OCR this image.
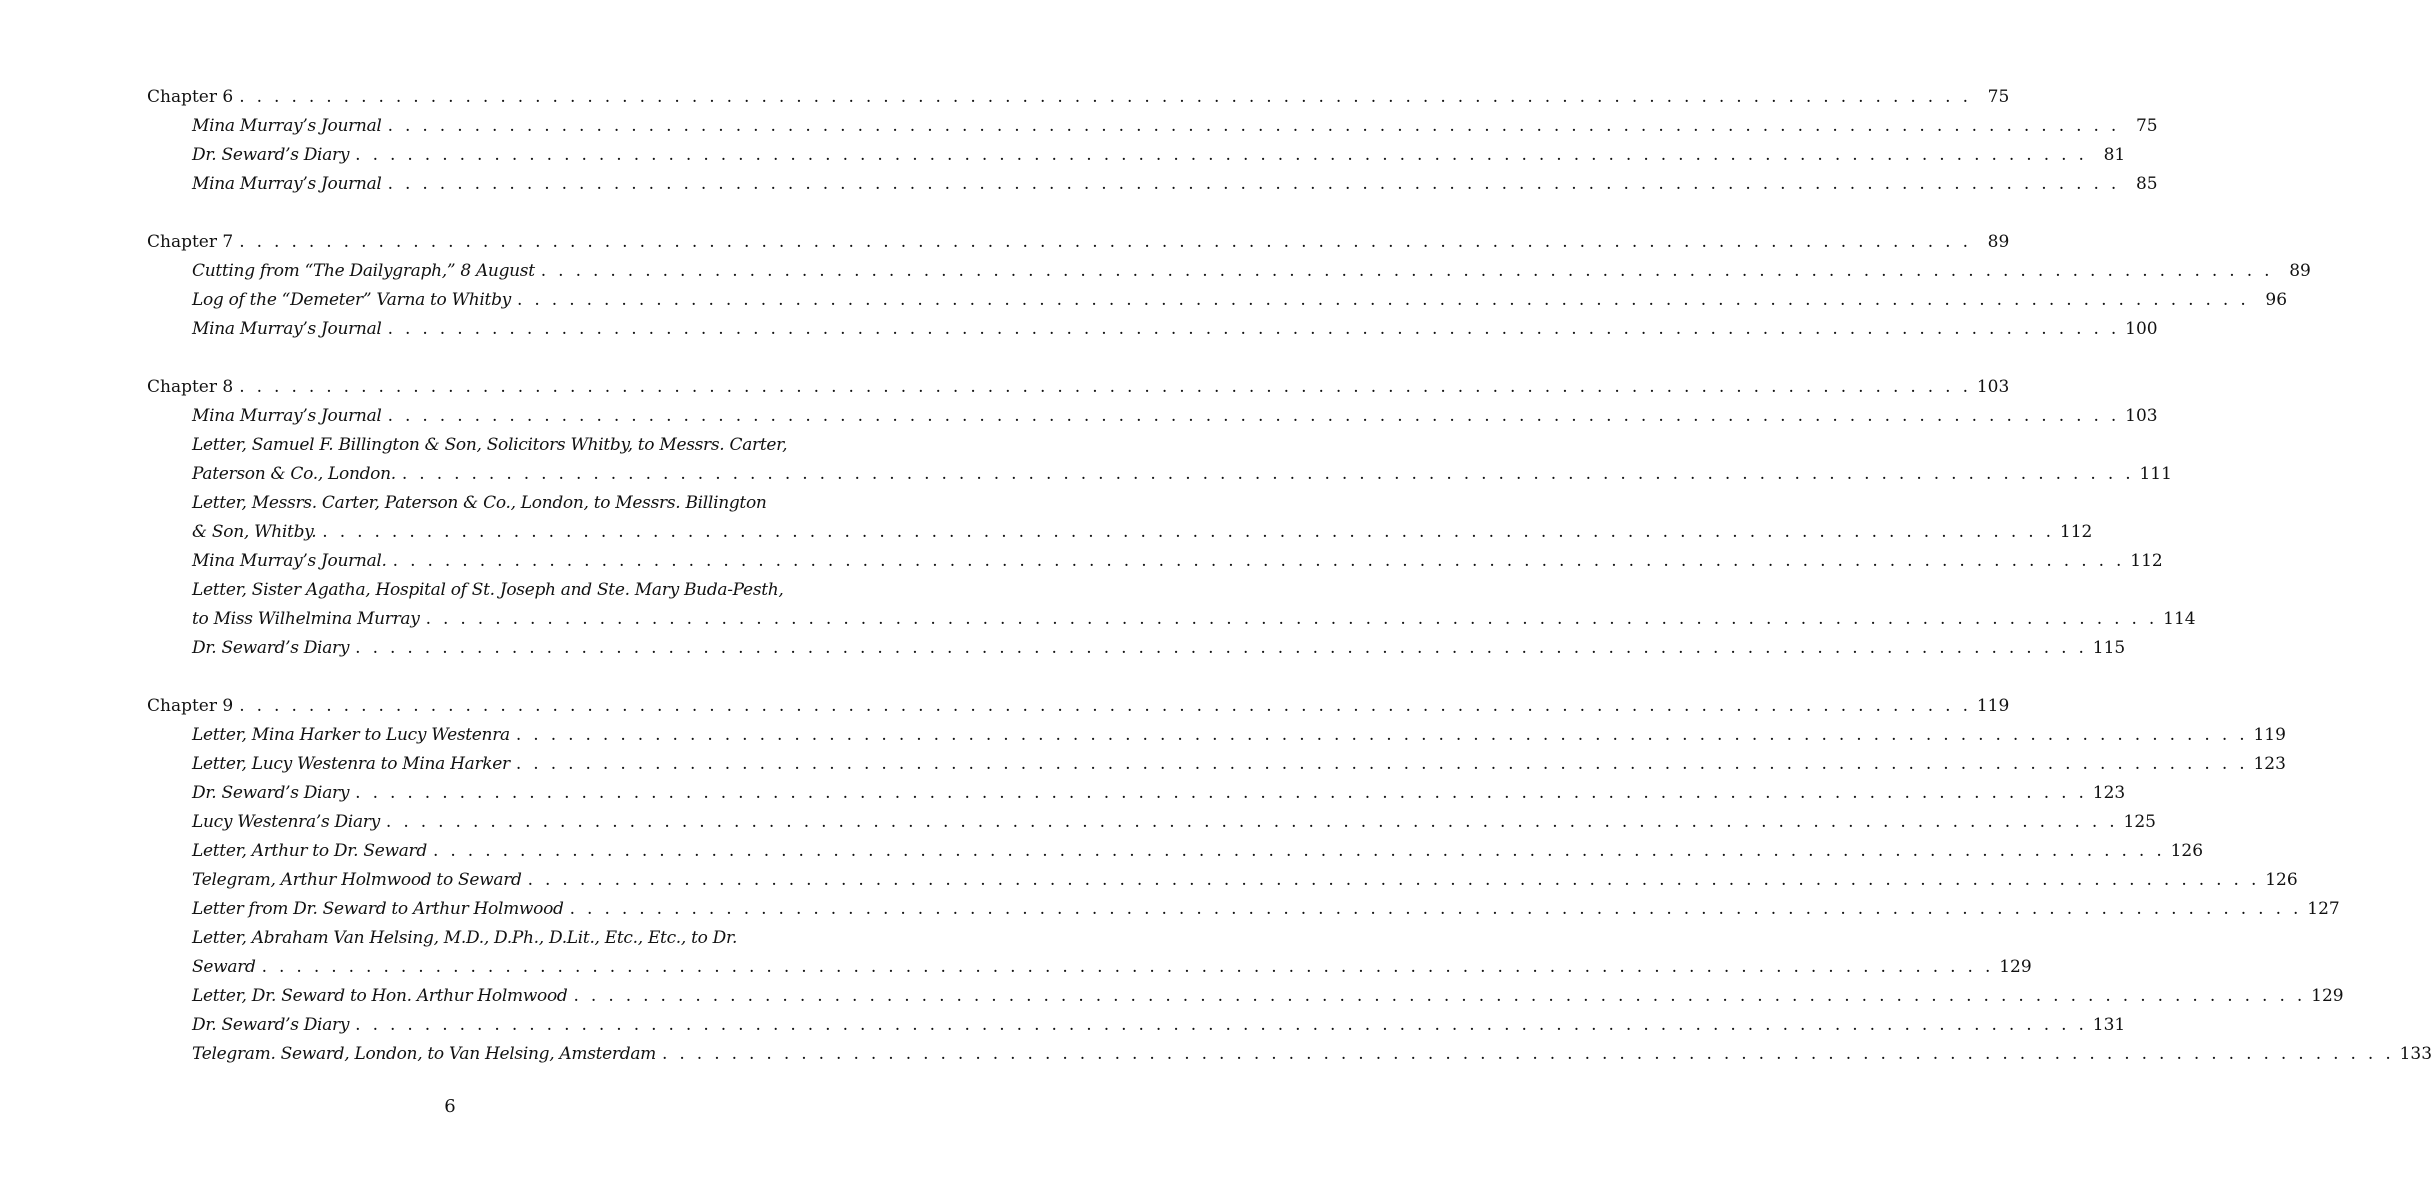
Chapter 6 . . . . . . . . . . . . . . . . . . . . . . . . . . . . . . . . . . . . . . . . . . . . . . . . . . . . . . . . . . . . . . . . . . . . . . . . . . . . . . . . . . . . . . . . . . . . . . . . . . . . 75
Mina Murray’s Journal . . . . . . . . . . . . . . . . . . . . . . . . . . . . . . . . . . . . . . . . . . . . . . . . . . . . . . . . . . . . . . . . . . . . . . . . . . . . . . . . . . . . . . . . . . . . . . . . . . . . 75
Dr. Seward’s Diary . . . . . . . . . . . . . . . . . . . . . . . . . . . . . . . . . . . . . . . . . . . . . . . . . . . . . . . . . . . . . . . . . . . . . . . . . . . . . . . . . . . . . . . . . . . . . . . . . . . . 81
Mina Murray’s Journal . . . . . . . . . . . . . . . . . . . . . . . . . . . . . . . . . . . . . . . . . . . . . . . . . . . . . . . . . . . . . . . . . . . . . . . . . . . . . . . . . . . . . . . . . . . . . . . . . . . . 85
Chapter 7 . . . . . . . . . . . . . . . . . . . . . . . . . . . . . . . . . . . . . . . . . . . . . . . . . . . . . . . . . . . . . . . . . . . . . . . . . . . . . . . . . . . . . . . . . . . . . . . . . . . . 89
Cutting from “The Dailygraph,” 8 August . . . . . . . . . . . . . . . . . . . . . . . . . . . . . . . . . . . . . . . . . . . . . . . . . . . . . . . . . . . . . . . . . . . . . . . . . . . . . . . . . . . . . . . . . . . . . . . . . . . . 89
Log of the “Demeter” Varna to Whitby . . . . . . . . . . . . . . . . . . . . . . . . . . . . . . . . . . . . . . . . . . . . . . . . . . . . . . . . . . . . . . . . . . . . . . . . . . . . . . . . . . . . . . . . . . . . . . . . . . . . 96
Mina Murray’s Journal . . . . . . . . . . . . . . . . . . . . . . . . . . . . . . . . . . . . . . . . . . . . . . . . . . . . . . . . . . . . . . . . . . . . . . . . . . . . . . . . . . . . . . . . . . . . . . . . . . . . 100
Chapter 8 . . . . . . . . . . . . . . . . . . . . . . . . . . . . . . . . . . . . . . . . . . . . . . . . . . . . . . . . . . . . . . . . . . . . . . . . . . . . . . . . . . . . . . . . . . . . . . . . . . . . 103
Mina Murray’s Journal . . . . . . . . . . . . . . . . . . . . . . . . . . . . . . . . . . . . . . . . . . . . . . . . . . . . . . . . . . . . . . . . . . . . . . . . . . . . . . . . . . . . . . . . . . . . . . . . . . . . 103
Letter, Samuel F. Billington & Son, Solicitors Whitby, to Messrs. Carter,
Paterson & Co., London. . . . . . . . . . . . . . . . . . . . . . . . . . . . . . . . . . . . . . . . . . . . . . . . . . . . . . . . . . . . . . . . . . . . . . . . . . . . . . . . . . . . . . . . . . . . . . . . . . . . . 111
Letter, Messrs. Carter, Paterson & Co., London, to Messrs. Billington
& Son, Whitby. . . . . . . . . . . . . . . . . . . . . . . . . . . . . . . . . . . . . . . . . . . . . . . . . . . . . . . . . . . . . . . . . . . . . . . . . . . . . . . . . . . . . . . . . . . . . . . . . . . . . 112
Mina Murray’s Journal. . . . . . . . . . . . . . . . . . . . . . . . . . . . . . . . . . . . . . . . . . . . . . . . . . . . . . . . . . . . . . . . . . . . . . . . . . . . . . . . . . . . . . . . . . . . . . . . . . . . . 112
Letter, Sister Agatha, Hospital of St. Joseph and Ste. Mary Buda-Pesth,
to Miss Wilhelmina Murray . . . . . . . . . . . . . . . . . . . . . . . . . . . . . . . . . . . . . . . . . . . . . . . . . . . . . . . . . . . . . . . . . . . . . . . . . . . . . . . . . . . . . . . . . . . . . . . . . . . . 114
Dr. Seward’s Diary . . . . . . . . . . . . . . . . . . . . . . . . . . . . . . . . . . . . . . . . . . . . . . . . . . . . . . . . . . . . . . . . . . . . . . . . . . . . . . . . . . . . . . . . . . . . . . . . . . . . 115
Chapter 9 . . . . . . . . . . . . . . . . . . . . . . . . . . . . . . . . . . . . . . . . . . . . . . . . . . . . . . . . . . . . . . . . . . . . . . . . . . . . . . . . . . . . . . . . . . . . . . . . . . . . 119
Letter, Mina Harker to Lucy Westenra . . . . . . . . . . . . . . . . . . . . . . . . . . . . . . . . . . . . . . . . . . . . . . . . . . . . . . . . . . . . . . . . . . . . . . . . . . . . . . . . . . . . . . . . . . . . . . . . . . . . 119
Letter, Lucy Westenra to Mina Harker . . . . . . . . . . . . . . . . . . . . . . . . . . . . . . . . . . . . . . . . . . . . . . . . . . . . . . . . . . . . . . . . . . . . . . . . . . . . . . . . . . . . . . . . . . . . . . . . . . . . 123
Dr. Seward’s Diary . . . . . . . . . . . . . . . . . . . . . . . . . . . . . . . . . . . . . . . . . . . . . . . . . . . . . . . . . . . . . . . . . . . . . . . . . . . . . . . . . . . . . . . . . . . . . . . . . . . . 123
Lucy Westenra’s Diary . . . . . . . . . . . . . . . . . . . . . . . . . . . . . . . . . . . . . . . . . . . . . . . . . . . . . . . . . . . . . . . . . . . . . . . . . . . . . . . . . . . . . . . . . . . . . . . . . . . . 125
Letter, Arthur to Dr. Seward . . . . . . . . . . . . . . . . . . . . . . . . . . . . . . . . . . . . . . . . . . . . . . . . . . . . . . . . . . . . . . . . . . . . . . . . . . . . . . . . . . . . . . . . . . . . . . . . . . . . 126
Telegram, Arthur Holmwood to Seward . . . . . . . . . . . . . . . . . . . . . . . . . . . . . . . . . . . . . . . . . . . . . . . . . . . . . . . . . . . . . . . . . . . . . . . . . . . . . . . . . . . . . . . . . . . . . . . . . . . . 126
Letter from Dr. Seward to Arthur Holmwood . . . . . . . . . . . . . . . . . . . . . . . . . . . . . . . . . . . . . . . . . . . . . . . . . . . . . . . . . . . . . . . . . . . . . . . . . . . . . . . . . . . . . . . . . . . . . . . . . . . . 127
Letter, Abraham Van Helsing, M.D., D.Ph., D.Lit., Etc., Etc., to Dr.
Seward . . . . . . . . . . . . . . . . . . . . . . . . . . . . . . . . . . . . . . . . . . . . . . . . . . . . . . . . . . . . . . . . . . . . . . . . . . . . . . . . . . . . . . . . . . . . . . . . . . . . 129
Letter, Dr. Seward to Hon. Arthur Holmwood . . . . . . . . . . . . . . . . . . . . . . . . . . . . . . . . . . . . . . . . . . . . . . . . . . . . . . . . . . . . . . . . . . . . . . . . . . . . . . . . . . . . . . . . . . . . . . . . . . . . 129
Dr. Seward’s Diary . . . . . . . . . . . . . . . . . . . . . . . . . . . . . . . . . . . . . . . . . . . . . . . . . . . . . . . . . . . . . . . . . . . . . . . . . . . . . . . . . . . . . . . . . . . . . . . . . . . . 131
Telegram. Seward, London, to Van Helsing, Amsterdam . . . . . . . . . . . . . . . . . . . . . . . . . . . . . . . . . . . . . . . . . . . . . . . . . . . . . . . . . . . . . . . . . . . . . . . . . . . . . . . . . . . . . . . . . . . . . . . . . . . . 133
6
